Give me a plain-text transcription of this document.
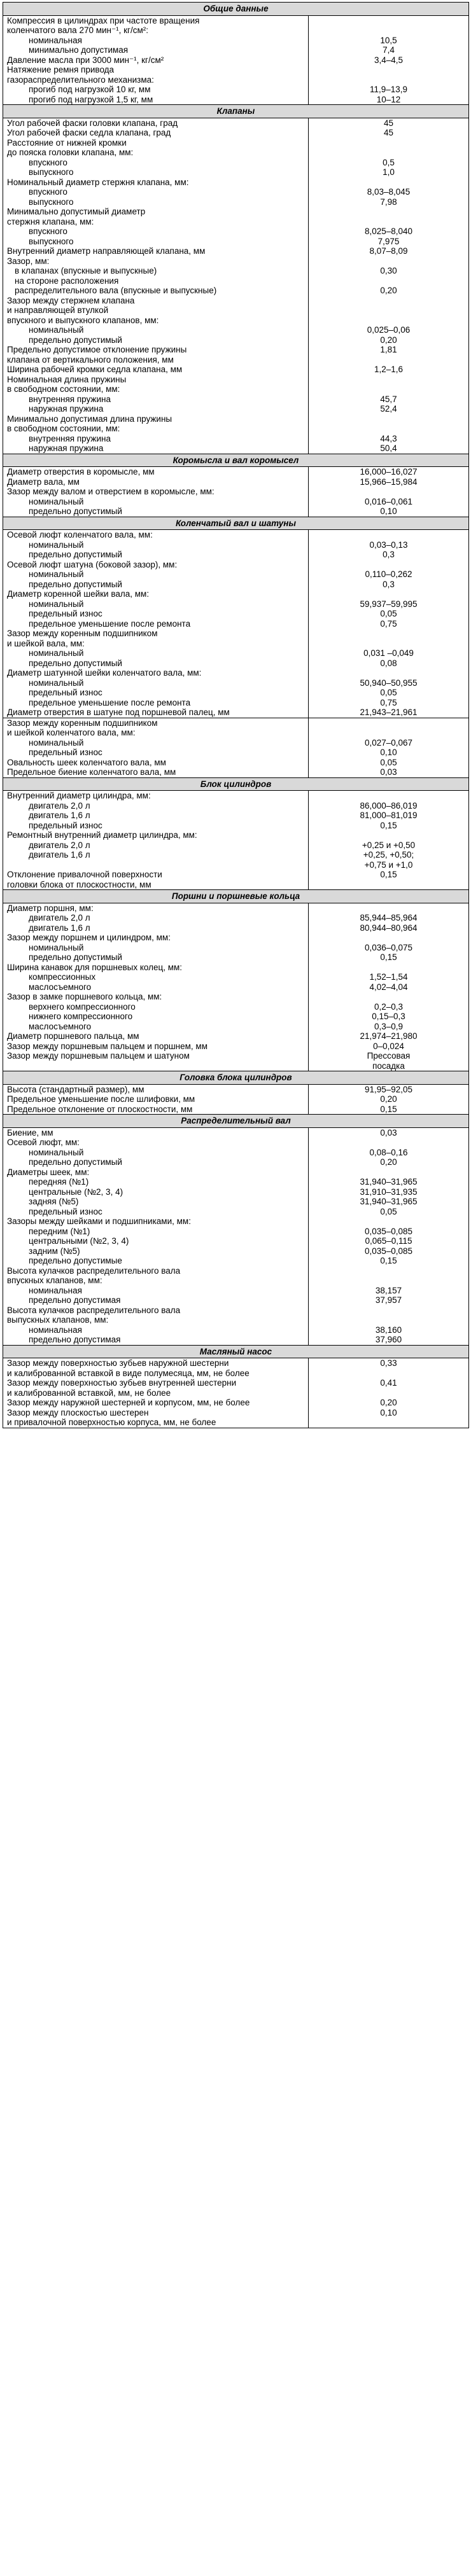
Общие данные	
Компрессия в цилиндрах при частоте вращения	
коленчатого вала 270 мин⁻¹, кг/см²:	
номинальная	10,5
минимально допустимая	7,4
Давление масла при 3000 мин⁻¹, кг/см²	3,4–4,5
Натяжение ремня привода	
газораспределительного механизма:	
прогиб под нагрузкой 10 кг, мм	11,9–13,9
прогиб под нагрузкой 1,5 кг, мм	10–12
Клапаны	
Угол рабочей фаски головки клапана, град	45
Угол рабочей фаски седла клапана, град	45
Расстояние от нижней кромки	
до пояска головки клапана, мм:	
впускного	0,5
выпускного	1,0
Номинальный диаметр стержня клапана, мм:	
впускного	8,03–8,045
выпускного	7,98
Минимально допустимый диаметр	
стержня клапана, мм:	
впускного	8,025–8,040
выпускного	7,975
Внутренний диаметр направляющей клапана, мм	8,07–8,09
Зазор, мм:	
в клапанах (впускные и выпускные)	0,30
на стороне расположения	
распределительного вала (впускные и выпускные)	0,20
Зазор между стержнем клапана	
и направляющей втулкой	
впускного и выпускного клапанов, мм:	
номинальный	0,025–0,06
предельно допустимый	0,20
Предельно допустимое отклонение пружины	1,81
клапана от вертикального положения, мм	
Ширина рабочей кромки седла клапана, мм	1,2–1,6
Номинальная длина пружины	
в свободном состоянии, мм:	
внутренняя пружина	45,7
наружная пружина	52,4
Минимально допустимая длина пружины	
в свободном состоянии, мм:	
внутренняя пружина	44,3
наружная пружина	50,4
Коромысла и вал коромысел	
Диаметр отверстия в коромысле, мм	16,000–16,027
Диаметр вала, мм	15,966–15,984
Зазор между валом и отверстием в коромысле, мм:	
номинальный	0,016–0,061
предельно допустимый	0,10
Коленчатый вал и шатуны	
Осевой люфт коленчатого вала, мм:	
номинальный	0,03–0,13
предельно допустимый	0,3
Осевой люфт шатуна (боковой зазор), мм:	
номинальный	0,110–0,262
предельно допустимый	0,3
Диаметр коренной шейки вала, мм:	
номинальный	59,937–59,995
предельный износ	0,05
предельное уменьшение после ремонта	0,75
Зазор между коренным подшипником	
и шейкой вала, мм:	
номинальный	0,031 –0,049
предельно допустимый	0,08
Диаметр шатунной шейки коленчатого вала, мм:	
номинальный	50,940–50,955
предельный износ	0,05
предельное уменьшение после ремонта	0,75
Диаметр отверстия в шатуне под поршневой палец, мм	21,943–21,961
Зазор между коренным подшипником	
и шейкой коленчатого вала, мм:	
номинальный	0,027–0,067
предельный износ	0,10
Овальность шеек коленчатого вала, мм	0,05
Предельное биение коленчатого вала, мм	0,03
Блок цилиндров	
Внутренний диаметр цилиндра, мм:	
двигатель 2,0 л	86,000–86,019
двигатель 1,6 л	81,000–81,019
предельный износ	0,15
Ремонтный внутренний диаметр цилиндра, мм:	
двигатель 2,0 л	+0,25 и +0,50
двигатель 1,6 л	+0,25, +0,50;
	+0,75 и +1,0
Отклонение привалочной поверхности	0,15
головки блока от плоскостности, мм	
Поршни и поршневые кольца	
Диаметр поршня, мм:	
двигатель 2,0 л	85,944–85,964
двигатель 1,6 л	80,944–80,964
Зазор между поршнем и цилиндром, мм:	
номинальный	0,036–0,075
предельно допустимый	0,15
Ширина канавок для поршневых колец, мм:	
компрессионных	1,52–1,54
маслосъемного	4,02–4,04
Зазор в замке поршневого кольца, мм:	
верхнего компрессионного	0,2–0,3
нижнего компрессионного	0,15–0,3
маслосъемного	0,3–0,9
Диаметр поршневого пальца, мм	21,974–21,980
Зазор между поршневым пальцем и поршнем, мм	0–0,024
Зазор между поршневым пальцем и шатуном	Прессовая
	посадка
Головка блока цилиндров	
Высота (стандартный размер), мм	91,95–92,05
Предельное уменьшение после шлифовки, мм	0,20
Предельное отклонение от плоскостности, мм	0,15
Распределительный вал	
Биение, мм	0,03
Осевой люфт, мм:	
номинальный	0,08–0,16
предельно допустимый	0,20
Диаметры шеек, мм:	
передняя (№1)	31,940–31,965
центральные (№2, 3, 4)	31,910–31,935
задняя (№5)	31,940–31,965
предельный износ	0,05
Зазоры между шейками и подшипниками, мм:	
передним (№1)	0,035–0,085
центральными (№2, 3, 4)	0,065–0,115
задним (№5)	0,035–0,085
предельно допустимые	0,15
Высота кулачков распределительного вала	
впускных клапанов, мм:	
номинальная	38,157
предельно допустимая	37,957
Высота кулачков распределительного вала	
выпускных клапанов, мм:	
номинальная	38,160
предельно допустимая	37,960
Масляный насос	
Зазор между поверхностью зубьев наружной шестерни	0,33
и калиброванной вставкой в виде полумесяца, мм, не более	
Зазор между поверхностью зубьев внутренней шестерни	0,41
и калиброванной вставкой, мм, не более	
Зазор между наружной шестерней и корпусом, мм, не более	0,20
Зазор между плоскостью шестерен	0,10
и привалочной поверхностью корпуса, мм, не более	
